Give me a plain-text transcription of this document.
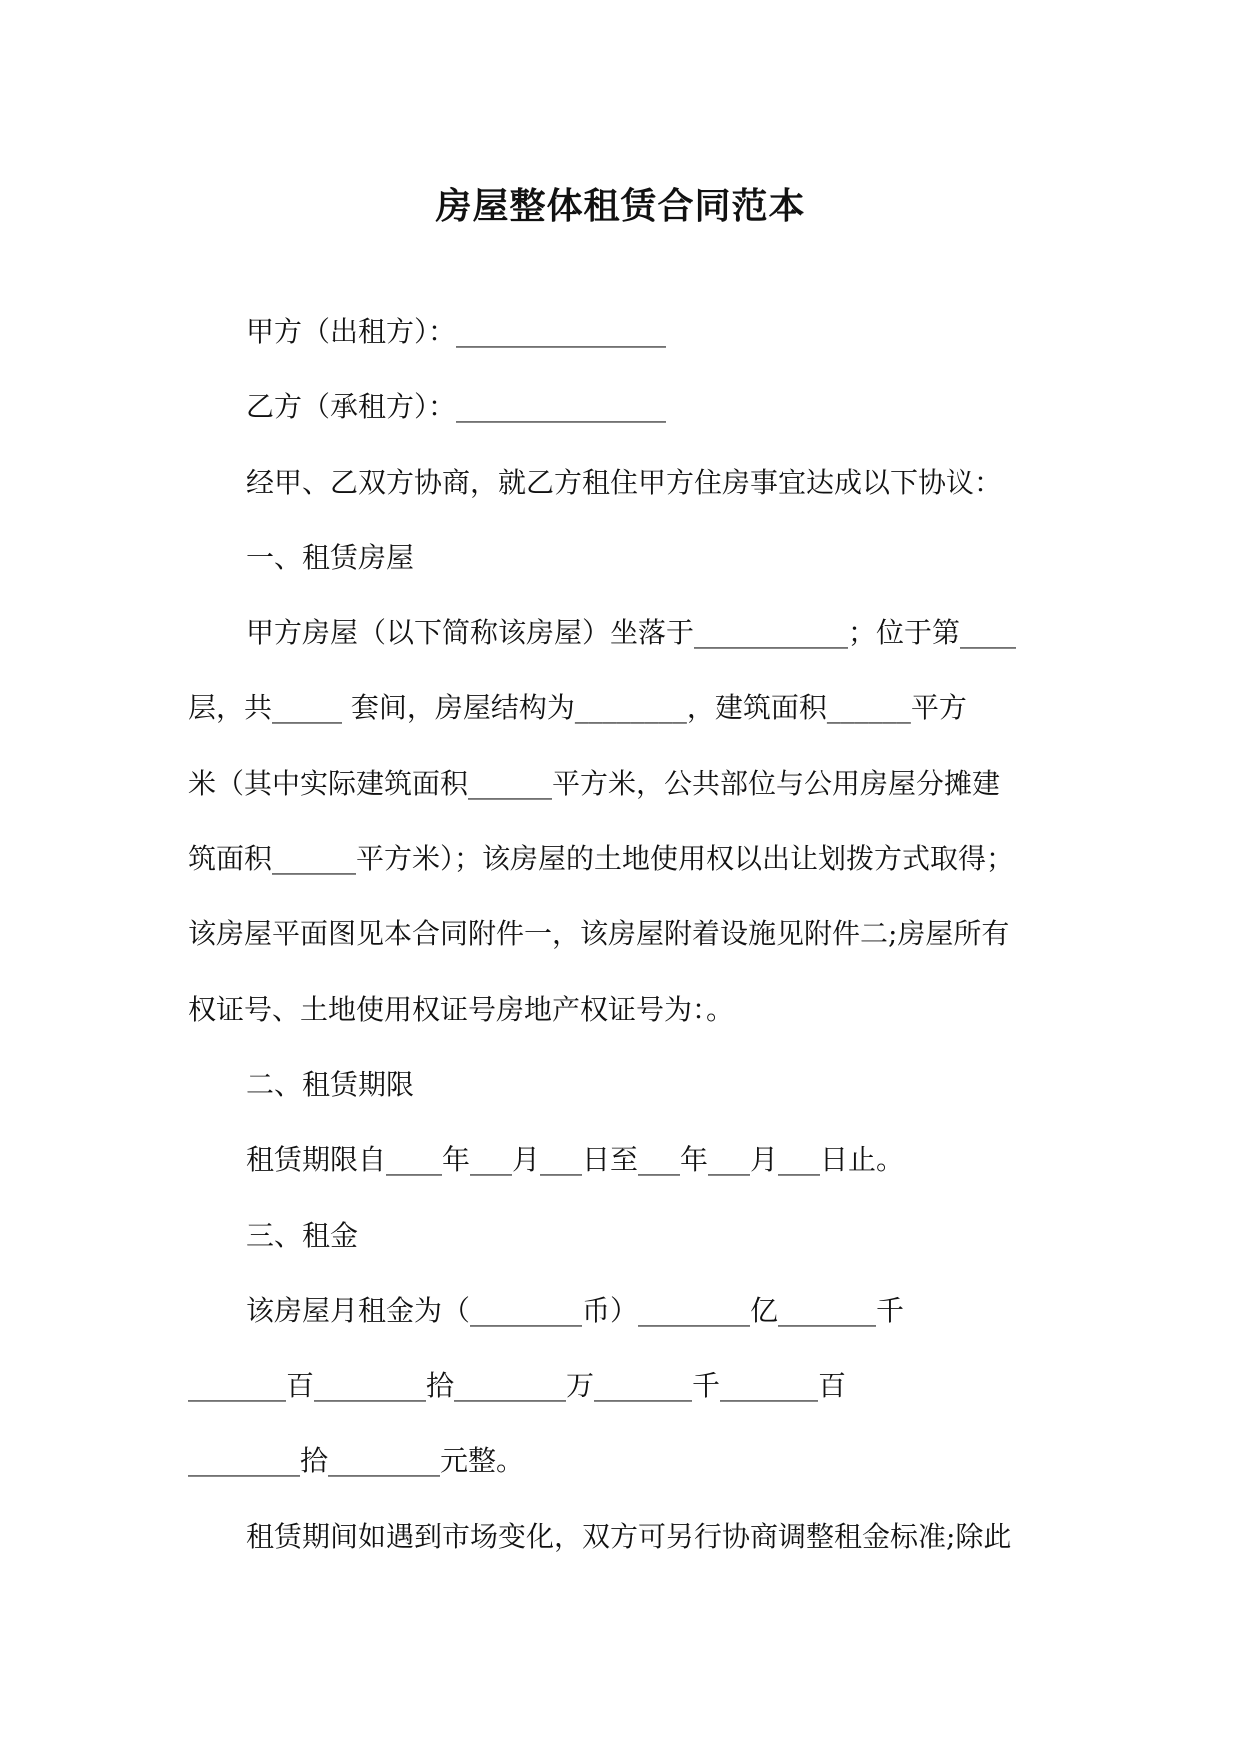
房屋整体租赁合同范本
甲方（出租方）：_______________
乙方（承租方）：_______________
经甲、乙双方协商，就乙方租住甲方住房事宜达成以下协议：
一、租赁房屋
甲方房屋（以下简称该房屋）坐落于___________；位于第____
层，共_____ 套间，房屋结构为________，建筑面积______平方
米（其中实际建筑面积______平方米，公共部位与公用房屋分摊建
筑面积______平方米）；该房屋的土地使用权以出让划拨方式取得；
该房屋平面图见本合同附件一，该房屋附着设施见附件二;房屋所有
权证号、土地使用权证号房地产权证号为：。
二、租赁期限
租赁期限自____年___月___日至___年___月___日止。
三、租金
该房屋月租金为（________币）________亿_______千
_______百________拾________万_______千_______百
________拾________元整。
租赁期间如遇到市场变化，双方可另行协商调整租金标准;除此
